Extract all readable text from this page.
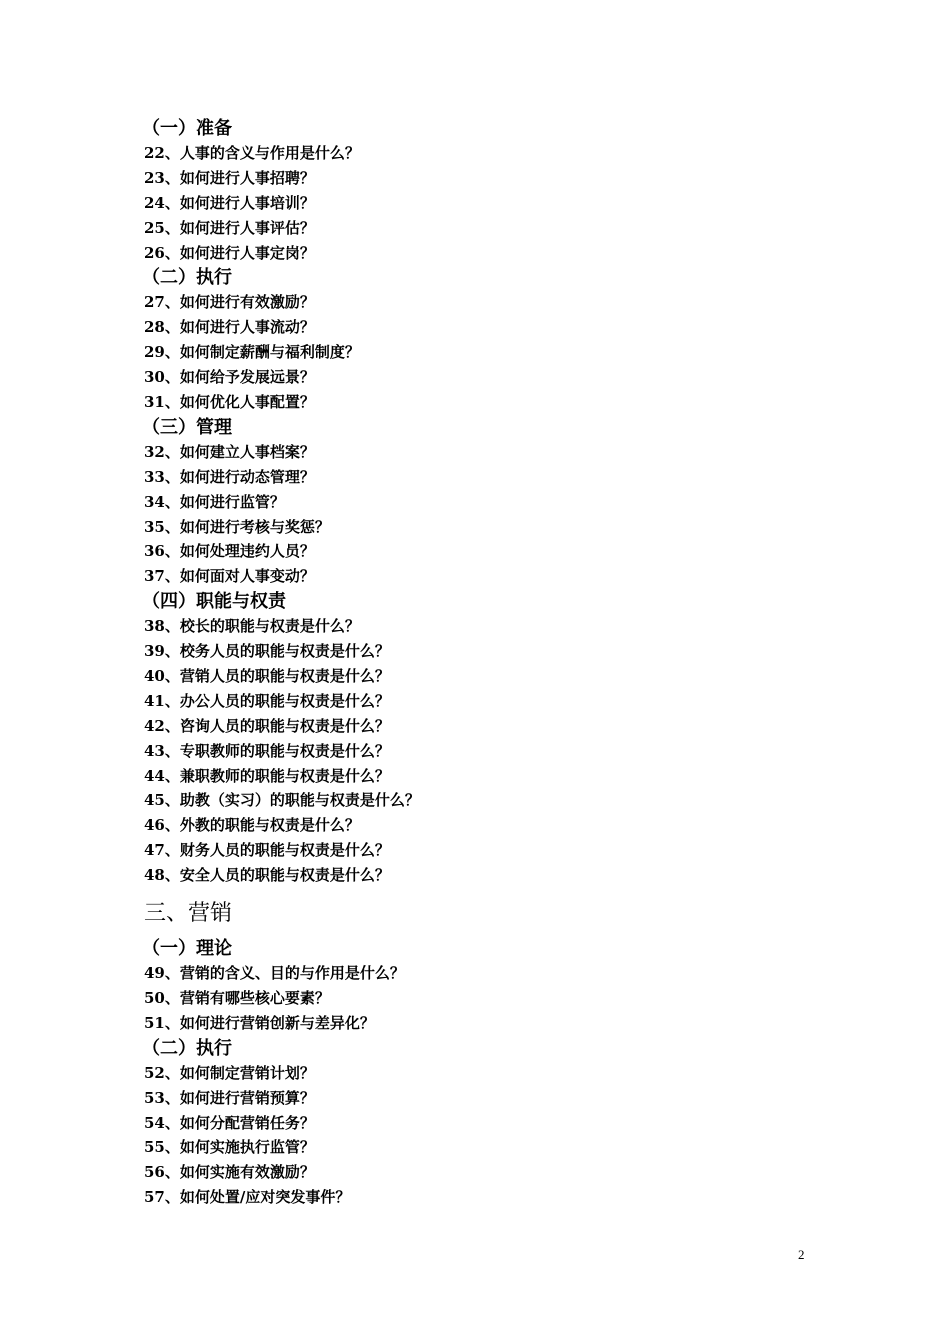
（一）准备
22、人事的含义与作用是什么？
23、如何进行人事招聘？
24、如何进行人事培训？
25、如何进行人事评估？
26、如何进行人事定岗？
（二）执行
27、如何进行有效激励？
28、如何进行人事流动？
29、如何制定薪酬与福利制度？
30、如何给予发展远景？
31、如何优化人事配置？
（三）管理
32、如何建立人事档案？
33、如何进行动态管理？
34、如何进行监管？
35、如何进行考核与奖惩？
36、如何处理违约人员？
37、如何面对人事变动？
（四）职能与权责
38、校长的职能与权责是什么？
39、校务人员的职能与权责是什么？
40、营销人员的职能与权责是什么？
41、办公人员的职能与权责是什么？
42、咨询人员的职能与权责是什么？
43、专职教师的职能与权责是什么？
44、兼职教师的职能与权责是什么？
45、助教（实习）的职能与权责是什么？
46、外教的职能与权责是什么？
47、财务人员的职能与权责是什么？
48、安全人员的职能与权责是什么？
三、营销
（一）理论
49、营销的含义、目的与作用是什么？
50、营销有哪些核心要素？
51、如何进行营销创新与差异化？
（二）执行
52、如何制定营销计划？
53、如何进行营销预算？
54、如何分配营销任务？
55、如何实施执行监管？
56、如何实施有效激励？
57、如何处置/应对突发事件？
2
